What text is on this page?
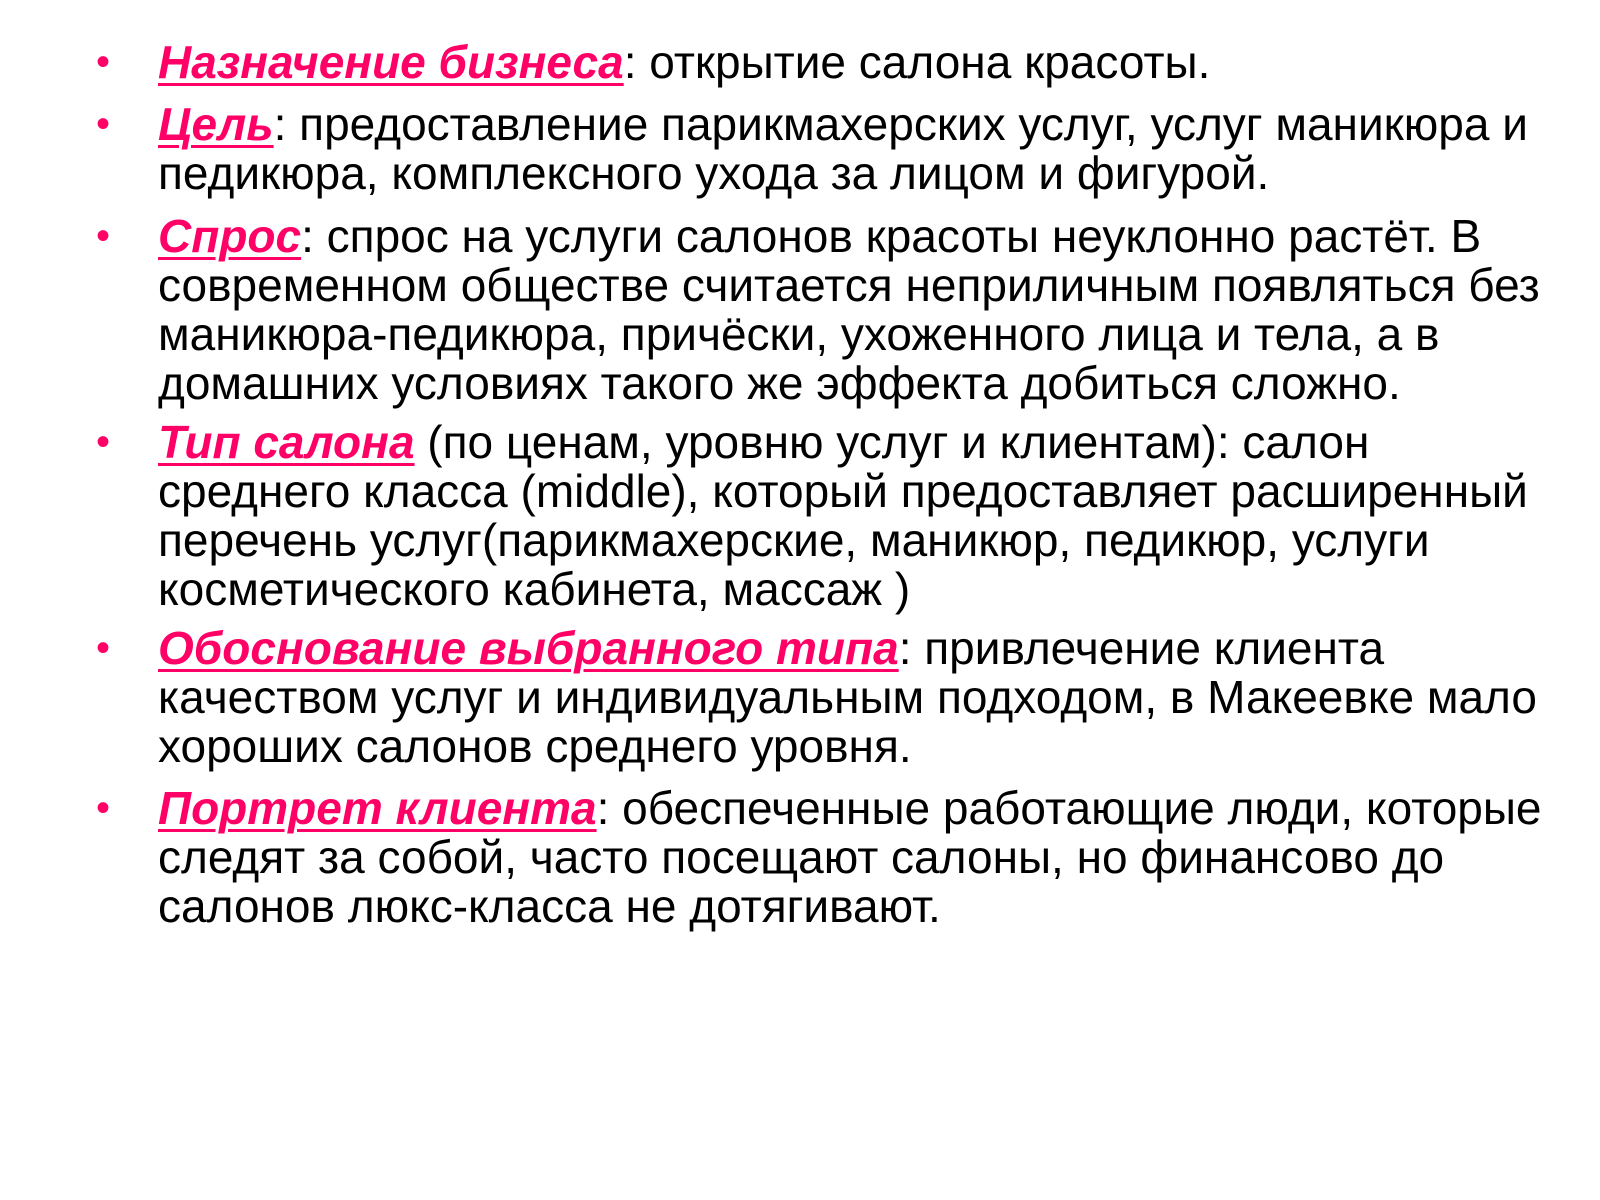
• Назначение бизнеса: открытие салона красоты.
• Цель: предоставление парикмахерских услуг, услуг маникюра и педикюра, комплексного ухода за лицом и фигурой.
• Спрос: спрос на услуги салонов красоты неуклонно растёт. В современном обществе считается неприличным появляться без маникюра-педикюра, причёски, ухоженного лица и тела, а в домашних условиях такого же эффекта добиться сложно.
• Тип салона (по ценам, уровню услуг и клиентам): салон среднего класса (middle), который предоставляет расширенный перечень услуг(парикмахерские, маникюр, педикюр, услуги косметического кабинета, массаж )
• Обоснование выбранного типа: привлечение клиента качеством услуг и индивидуальным подходом, в Макеевке мало хороших салонов среднего уровня.
• Портрет клиента: обеспеченные работающие люди, которые следят за собой, часто посещают салоны, но финансово до салонов люкс-класса не дотягивают.
